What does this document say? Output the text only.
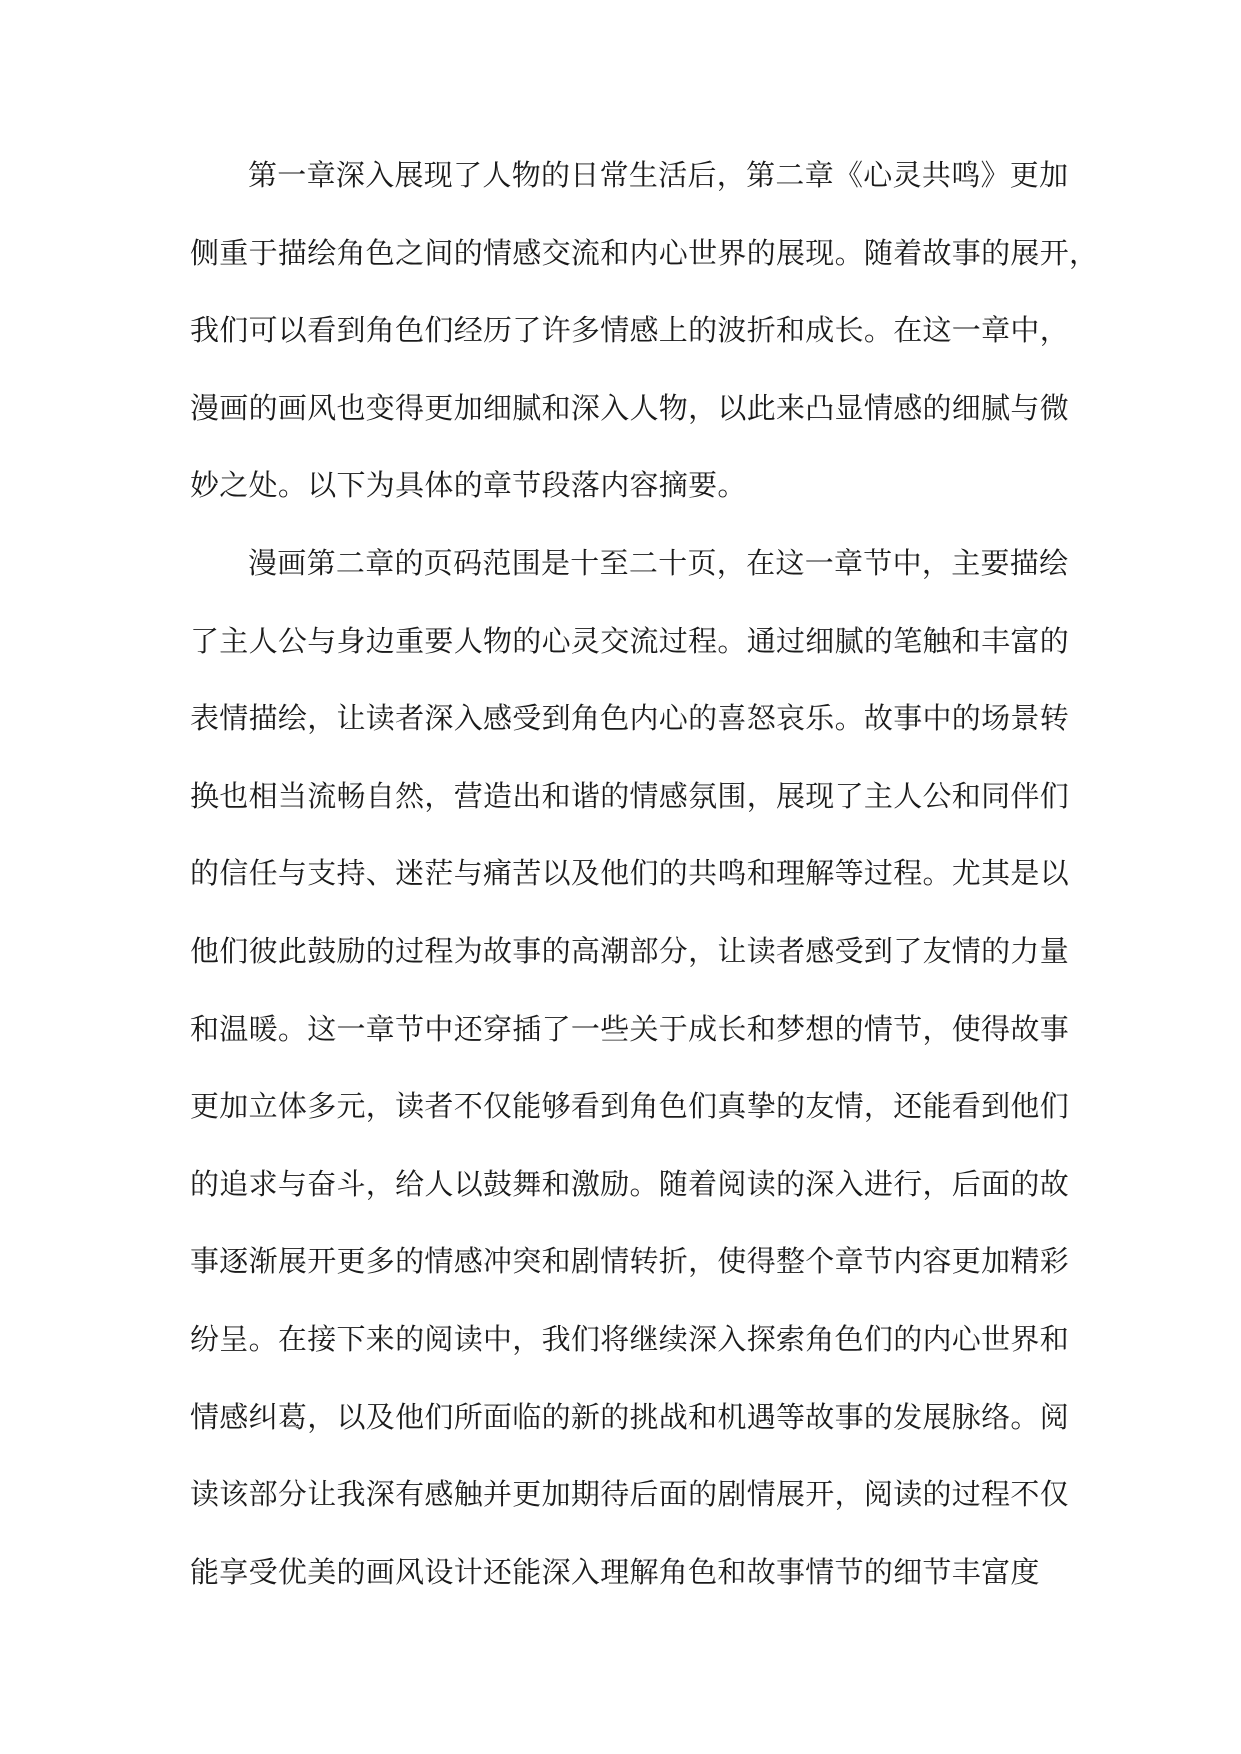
第一章深入展现了人物的日常生活后，第二章《心灵共鸣》更加
侧重于描绘角色之间的情感交流和内心世界的展现。随着故事的展开，
我们可以看到角色们经历了许多情感上的波折和成长。在这一章中，
漫画的画风也变得更加细腻和深入人物，以此来凸显情感的细腻与微
妙之处。以下为具体的章节段落内容摘要。
漫画第二章的页码范围是十至二十页，在这一章节中，主要描绘
了主人公与身边重要人物的心灵交流过程。通过细腻的笔触和丰富的
表情描绘，让读者深入感受到角色内心的喜怒哀乐。故事中的场景转
换也相当流畅自然，营造出和谐的情感氛围，展现了主人公和同伴们
的信任与支持、迷茫与痛苦以及他们的共鸣和理解等过程。尤其是以
他们彼此鼓励的过程为故事的高潮部分，让读者感受到了友情的力量
和温暖。这一章节中还穿插了一些关于成长和梦想的情节，使得故事
更加立体多元，读者不仅能够看到角色们真挚的友情，还能看到他们
的追求与奋斗，给人以鼓舞和激励。随着阅读的深入进行，后面的故
事逐渐展开更多的情感冲突和剧情转折，使得整个章节内容更加精彩
纷呈。在接下来的阅读中，我们将继续深入探索角色们的内心世界和
情感纠葛，以及他们所面临的新的挑战和机遇等故事的发展脉络。阅
读该部分让我深有感触并更加期待后面的剧情展开，阅读的过程不仅
能享受优美的画风设计还能深入理解角色和故事情节的细节丰富度
